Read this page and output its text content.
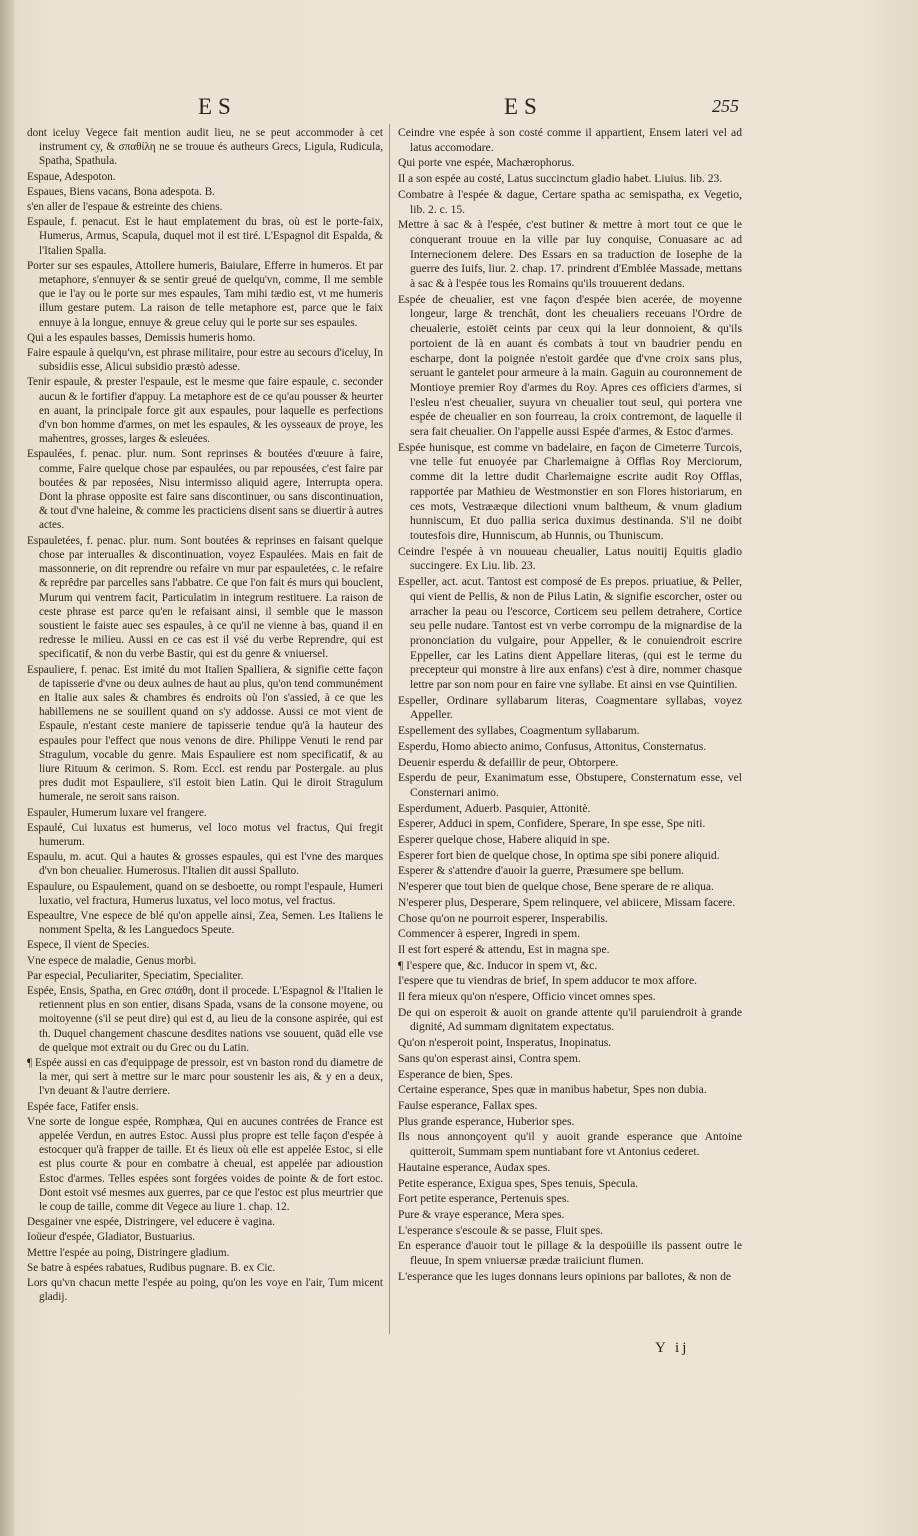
ES	ES	255

dont iceluy Vegece fait mention audit lieu, ne se peut accommoder à cet instrument cy, & σπαθίλη ne se trouue és autheurs Grecs, Ligula, Rudicula, Spatha, Spathula.

Espaue, Adespoton.

Espaues, Biens vacans, Bona adespota. B.

s'en aller de l'espaue & estreinte des chiens.

Espaule, f. penacut. Est le haut emplatement du bras, où est le porte-faix, Humerus, Armus, Scapula, duquel mot il est tiré. L'Espagnol dit Espalda, & l'Italien Spalla.

Porter sur ses espaules, Attollere humeris, Baiulare, Efferre in humeros. Et par metaphore, s'ennuyer & se sentir greué de quelqu'vn, comme, Il me semble que ie l'ay ou le porte sur mes espaules, Tam mihi tædio est, vt me humeris illum gestare putem. La raison de telle metaphore est, parce que le faix ennuye à la longue, ennuye & greue celuy qui le porte sur ses espaules.

Qui a les espaules basses, Demissis humeris homo.

Faire espaule à quelqu'vn, est phrase militaire, pour estre au secours d'iceluy, In subsidiis esse, Alicui subsidio præstò adesse.

Tenir espaule, & prester l'espaule, est le mesme que faire espaule, c. seconder aucun & le fortifier d'appuy. La metaphore est de ce qu'au pousser & heurter en auant, la principale force git aux espaules, pour laquelle es perfections d'vn bon homme d'armes, on met les espaules, & les oysseaux de proye, les mahentres, grosses, larges & esleuées.

Espaulées, f. penac. plur. num. Sont reprinses & boutées d'œuure à faire, comme, Faire quelque chose par espaulées, ou par repousées, c'est faire par boutées & par reposées, Nisu intermisso aliquid agere, Interrupta opera. Dont la phrase opposite est faire sans discontinuer, ou sans discontinuation, & tout d'vne haleine, & comme les practiciens disent sans se diuertir à autres actes.

Espauletées, f. penac. plur. num. Sont boutées & reprinses en faisant quelque chose par interualles & discontinuation, voyez Espaulées. Mais en fait de massonnerie, on dit reprendre ou refaire vn mur par espauletées, c. le refaire & reprêdre par parcelles sans l'abbatre. Ce que l'on fait és murs qui bouclent, Murum qui ventrem facit, Particulatim in integrum restituere. La raison de ceste phrase est parce qu'en le refaisant ainsi, il semble que le masson soustient le faiste auec ses espaules, à ce qu'il ne vienne à bas, quand il en redresse le milieu. Aussi en ce cas est il vsé du verbe Reprendre, qui est specificatif, & non du verbe Bastir, qui est du genre & vniuersel.

Espauliere, f. penac. Est imité du mot Italien Spalliera, & signifie cette façon de tapisserie d'vne ou deux aulnes de haut au plus, qu'on tend communément en Italie aux sales & chambres és endroits où l'on s'assied, à ce que les habillemens ne se souillent quand on s'y addosse. Aussi ce mot vient de Espaule, n'estant ceste maniere de tapisserie tendue qu'à la hauteur des espaules pour l'effect que nous venons de dire. Philippe Venuti le rend par Stragulum, vocable du genre. Mais Espauliere est nom specificatif, & au liure Rituum & cerimon. S. Rom. Eccl. est rendu par Postergale. au plus pres dudit mot Espauliere, s'il estoit bien Latin. Qui le diroit Stragulum humerale, ne seroit sans raison.

Espauler, Humerum luxare vel frangere.

Espaulé, Cui luxatus est humerus, vel loco motus vel fractus, Qui fregit humerum.

Espaulu, m. acut. Qui a hautes & grosses espaules, qui est l'vne des marques d'vn bon cheualier. Humerosus. l'Italien dit aussi Spalluto.

Espaulure, ou Espaulement, quand on se desboette, ou rompt l'espaule, Humeri luxatio, vel fractura, Humerus luxatus, vel loco motus, vel fractus.

Espeaultre, Vne espece de blé qu'on appelle ainsi, Zea, Semen. Les Italiens le nomment Spelta, & les Languedocs Speute.

Espece, Il vient de Species.

Vne espece de maladie, Genus morbi.

Par especial, Peculiariter, Speciatim, Specialiter.

Espée, Ensis, Spatha, en Grec σπάθη, dont il procede. L'Espagnol & l'Italien le retiennent plus en son entier, disans Spada, vsans de la consone moyene, ou moitoyenne (s'il se peut dire) qui est d, au lieu de la consone aspirée, qui est th. Duquel changement chascune desdites nations vse souuent, quād elle vse de quelque mot extrait ou du Grec ou du Latin.

¶ Espée aussi en cas d'equippage de pressoir, est vn baston rond du diametre de la mer, qui sert à mettre sur le marc pour soustenir les ais, & y en a deux, l'vn deuant & l'autre derriere.

Espée face, Fatifer ensis.

Vne sorte de longue espée, Romphæa, Qui en aucunes contrées de France est appelée Verdun, en autres Estoc. Aussi plus propre est telle façon d'espée à estocquer qu'à frapper de taille. Et és lieux où elle est appelée Estoc, si elle est plus courte & pour en combatre à cheual, est appelée par adioustion Estoc d'armes. Telles espées sont forgées voides de pointe & de fort estoc. Dont estoit vsé mesmes aux guerres, par ce que l'estoc est plus meurtrier que le coup de taille, comme dit Vegece au liure 1. chap. 12.

Desgainer vne espée, Distringere, vel educere è vagina.

Ioüeur d'espée, Gladiator, Bustuarius.

Mettre l'espée au poing, Distringere gladium.

Se batre à espées rabatues, Rudibus pugnare. B. ex Cic.

Lors qu'vn chacun mette l'espée au poing, qu'on les voye en l'air, Tum micent gladij.

Ceindre vne espée à son costé comme il appartient, Ensem lateri vel ad latus accomodare.

Qui porte vne espée, Machærophorus.

Il a son espée au costé, Latus succinctum gladio habet. Liuius. lib. 23.

Combatre à l'espée & dague, Certare spatha ac semispatha, ex Vegetio, lib. 2. c. 15.

Mettre à sac & à l'espée, c'est butiner & mettre à mort tout ce que le conquerant trouue en la ville par luy conquise, Conuasare ac ad Internecionem delere. Des Essars en sa traduction de Iosephe de la guerre des Iuifs, liur. 2. chap. 17. prindrent d'Emblée Massade, mettans à sac & à l'espée tous les Romains qu'ils trouuerent dedans.

Espée de cheualier, est vne façon d'espée bien acerée, de moyenne longeur, large & trenchât, dont les cheualiers receuans l'Ordre de cheualerie, estoiēt ceints par ceux qui la leur donnoient, & qu'ils portoient de là en auant és combats à tout vn baudrier pendu en escharpe, dont la poignée n'estoit gardée que d'vne croix sans plus, seruant le gantelet pour armeure à la main. Gaguin au couronnement de Montioye premier Roy d'armes du Roy. Apres ces officiers d'armes, si l'esleu n'est cheualier, suyura vn cheualier tout seul, qui portera vne espée de cheualier en son fourreau, la croix contremont, de laquelle il sera fait cheualier. On l'appelle aussi Espée d'armes, & Estoc d'armes.

Espée hunisque, est comme vn badelaire, en façon de Cimeterre Turcois, vne telle fut enuoyée par Charlemaigne à Offlas Roy Merciorum, comme dit la lettre dudit Charlemaigne escrite audit Roy Offlas, rapportée par Mathieu de Westmonstier en son Flores historiarum, en ces mots, Vestrææque dilectioni vnum baltheum, & vnum gladium hunniscum, Et duo pallia serica duximus destinanda. S'il ne doibt toutesfois dire, Hunniscum, ab Hunnis, ou Thuniscum.

Ceindre l'espée à vn nouueau cheualier, Latus nouitij Equitis gladio succingere. Ex Liu. lib. 23.

Espeller, act. acut. Tantost est composé de Es prepos. priuatiue, & Peller, qui vient de Pellis, & non de Pilus Latin, & signifie escorcher, oster ou arracher la peau ou l'escorce, Corticem seu pellem detrahere, Cortice seu pelle nudare. Tantost est vn verbe corrompu de la mignardise de la prononciation du vulgaire, pour Appeller, & le conuiendroit escrire Eppeller, car les Latins dient Appellare literas, (qui est le terme du precepteur qui monstre à lire aux enfans) c'est à dire, nommer chasque lettre par son nom pour en faire vne syllabe. Et ainsi en vse Quintilien.

Espeller, Ordinare syllabarum literas, Coagmentare syllabas, voyez Appeller.

Espellement des syllabes, Coagmentum syllabarum.

Esperdu, Homo abiecto animo, Confusus, Attonitus, Consternatus.

Deuenir esperdu & defaillir de peur, Obtorpere.

Esperdu de peur, Exanimatum esse, Obstupere, Consternatum esse, vel Consternari animo.

Esperdument, Aduerb. Pasquier, Attonitè.

Esperer, Adduci in spem, Confidere, Sperare, In spe esse, Spe niti.

Esperer quelque chose, Habere aliquid in spe.

Esperer fort bien de quelque chose, In optima spe sibi ponere aliquid.

Esperer & s'attendre d'auoir la guerre, Præsumere spe bellum.

N'esperer que tout bien de quelque chose, Bene sperare de re aliqua.

N'esperer plus, Desperare, Spem relinquere, vel abiicere, Missam facere.

Chose qu'on ne pourroit esperer, Insperabilis.

Commencer à esperer, Ingredi in spem.

Il est fort esperé & attendu, Est in magna spe.

¶ I'espere que, &c. Inducor in spem vt, &c.

I'espere que tu viendras de brief, In spem adducor te mox affore.

Il fera mieux qu'on n'espere, Officio vincet omnes spes.

De qui on esperoit & auoit on grande attente qu'il paruiendroit à grande dignité, Ad summam dignitatem expectatus.

Qu'on n'esperoit point, Insperatus, Inopinatus.

Sans qu'on esperast ainsi, Contra spem.

Esperance de bien, Spes.

Certaine esperance, Spes quæ in manibus habetur, Spes non dubia.

Faulse esperance, Fallax spes.

Plus grande esperance, Huberior spes.

Ils nous annonçoyent qu'il y auoit grande esperance que Antoine quitteroit, Summam spem nuntiabant fore vt Antonius cederet.

Hautaine esperance, Audax spes.

Petite esperance, Exigua spes, Spes tenuis, Specula.

Fort petite esperance, Pertenuis spes.

Pure & vraye esperance, Mera spes.

L'esperance s'escoule & se passe, Fluit spes.

En esperance d'auoir tout le pillage & la despoüille ils passent outre le fleuue, In spem vniuersæ prædæ traiiciunt flumen.

L'esperance que les iuges donnans leurs opinions par ballotes, & non de

Y ij
